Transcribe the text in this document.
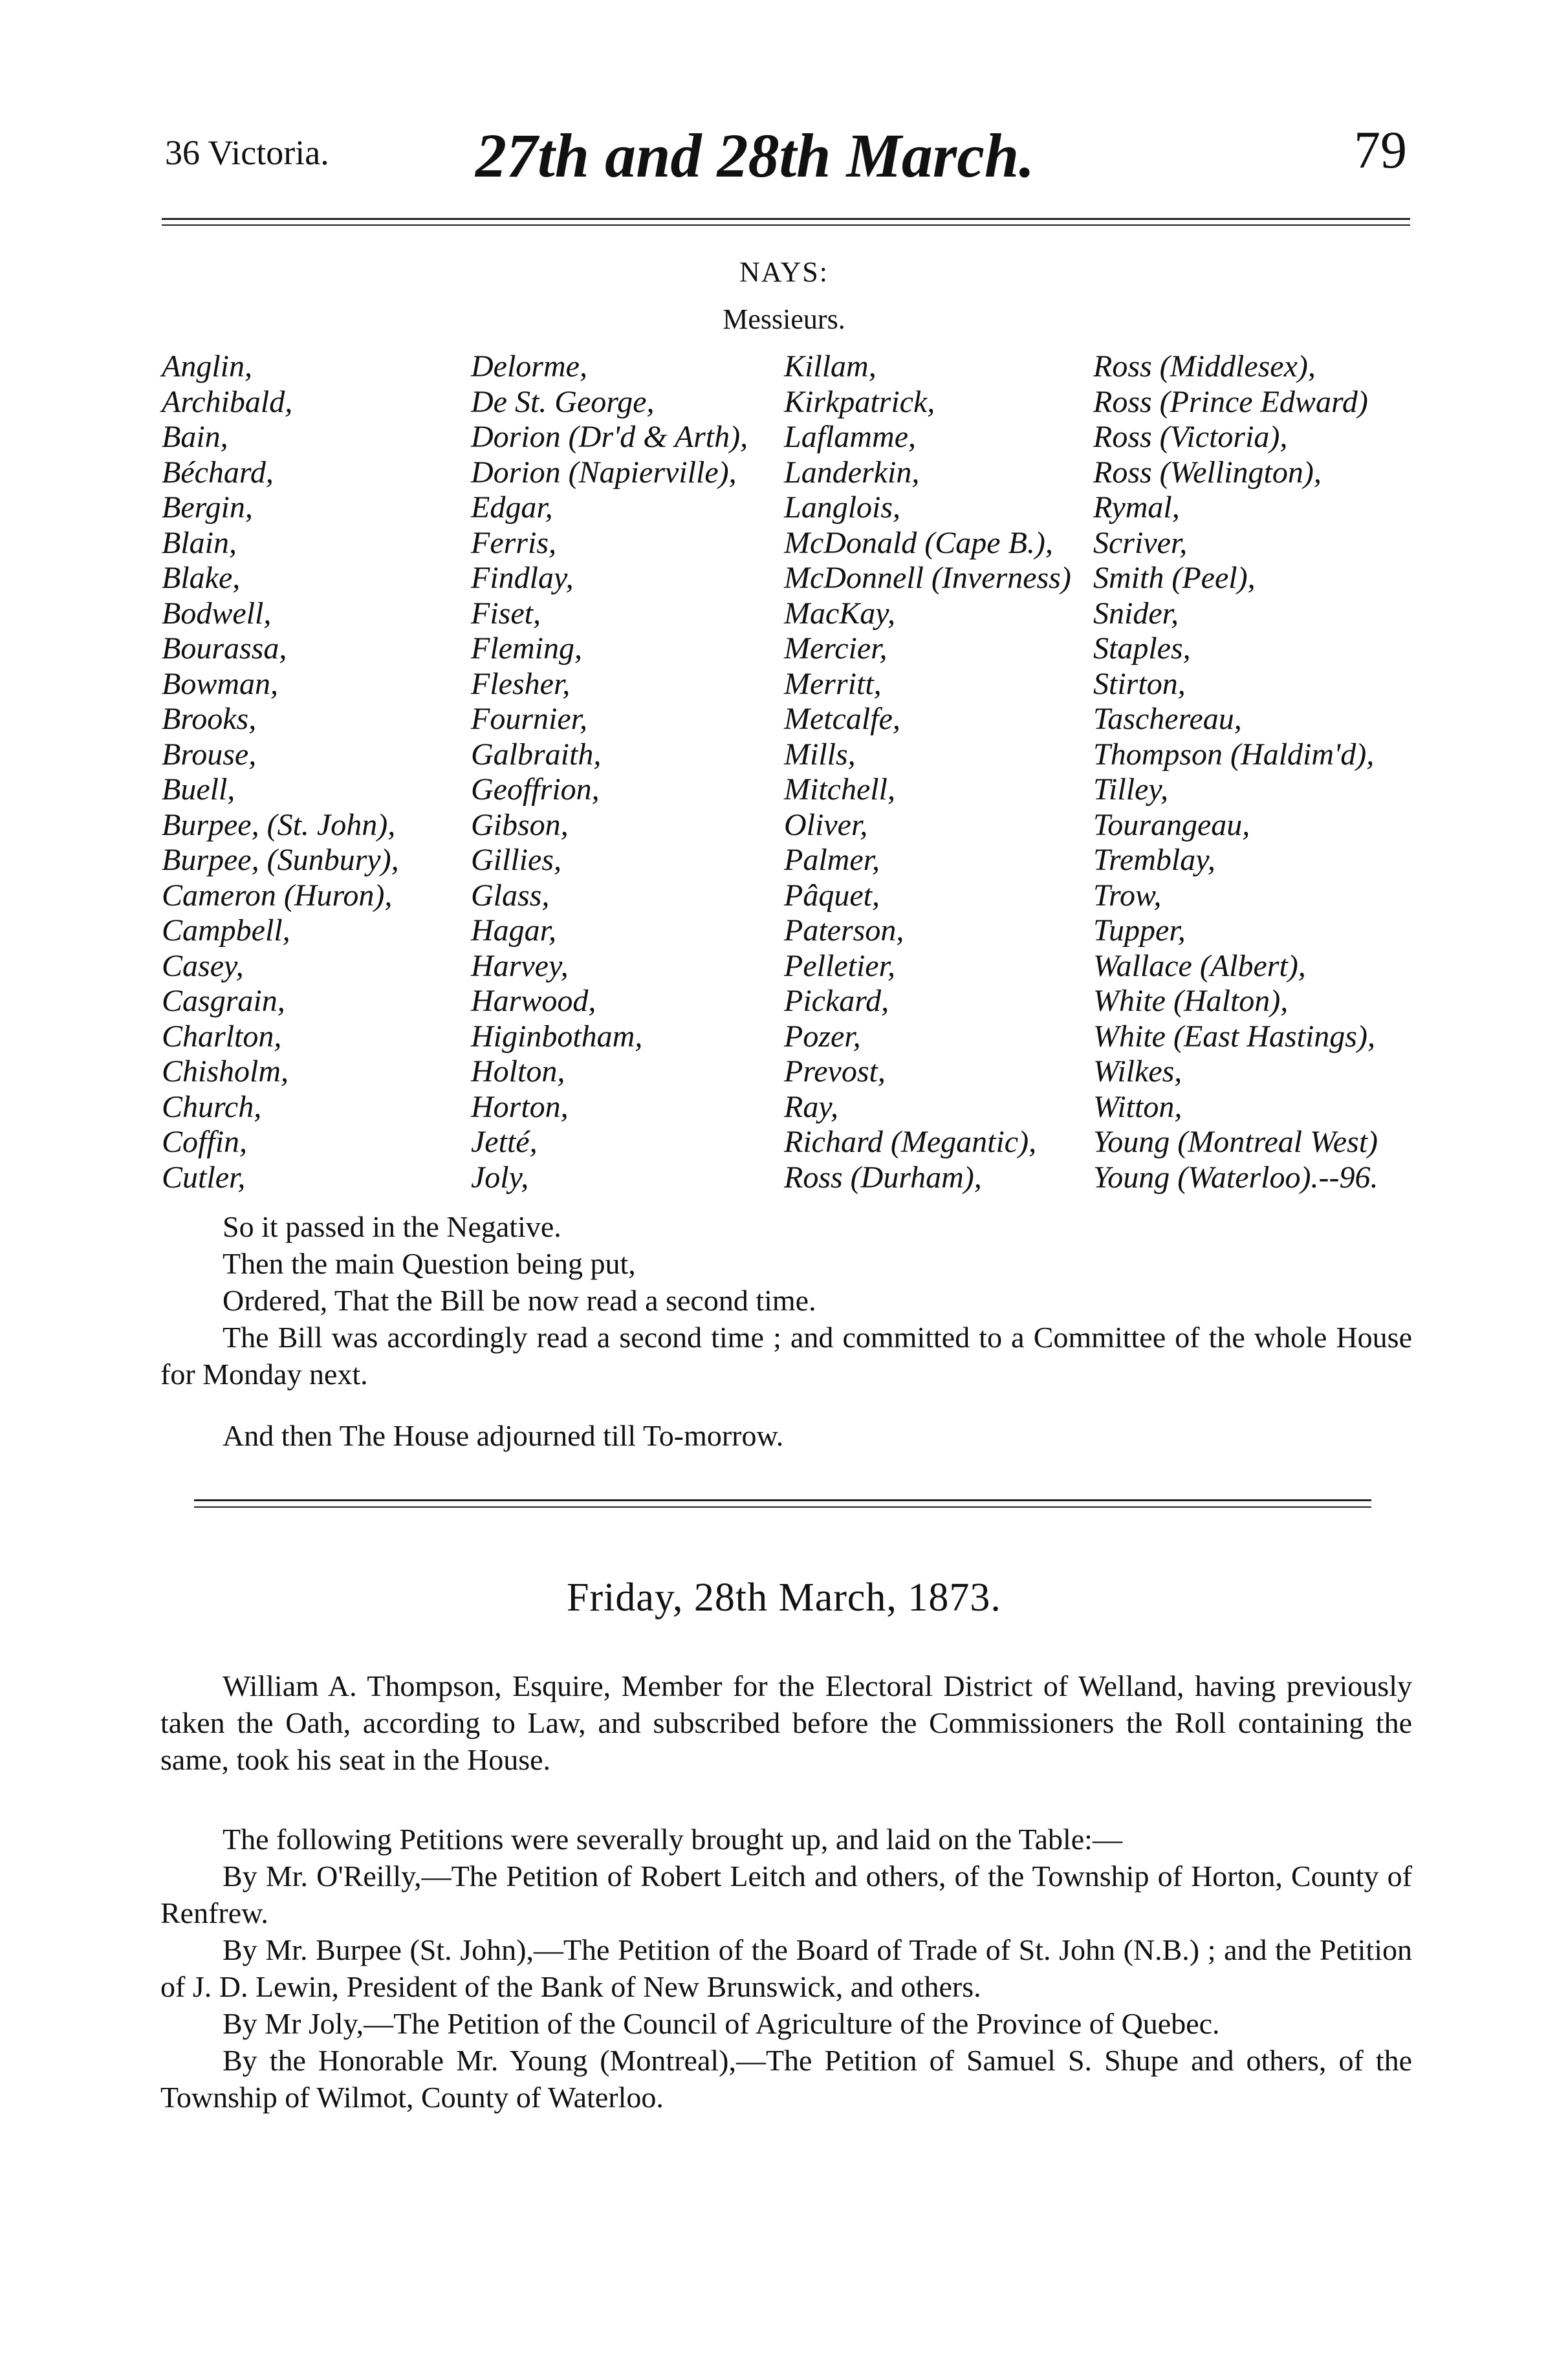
36 Victoria. 27th and 28th March.	79
NAYS:
Messieurs.
Anglin,
Archibald,
Bain,
Béchard,
Bergin,
Blain,
Blake,
Bodwell,
Bourassa,
Bowman,
Brooks,
Brouse,
Buell,
Burpee, (St. John),
Burpee, (Sunbury),
Cameron (Huron),
Campbell,
Casey,
Casgrain,
Charlton,
Chisholm,
Church,
Coffin,
Cutler,
Delorme,
De St. George,
Dorion (Dr'd & Arth),
Dorion (Napierville),
Edgar,
Ferris,
Findlay,
Fiset,
Fleming,
Flesher,
Fournier,
Galbraith,
Geoffrion,
Gibson,
Gillies,
Glass,
Hagar,
Harvey,
Harwood,
Higinbotham,
Holton,
Horton,
Jetté,
Joly,
Killam,
Kirkpatrick,
Laflamme,
Landerkin,
Langlois,
McDonald (Cape B.),
McDonnell (Inverness)
MacKay,
Mercier,
Merritt,
Metcalfe,
Mills,
Mitchell,
Oliver,
Palmer,
Pâquet,
Paterson,
Pelletier,
Pickard,
Pozer,
Prevost,
Ray,
Richard (Megantic),
Ross (Durham),
Ross (Middlesex),
Ross (Prince Edward)
Ross (Victoria),
Ross (Wellington),
Rymal,
Scriver,
Smith (Peel),
Snider,
Staples,
Stirton,
Taschereau,
Thompson (Haldim'd),
Tilley,
Tourangeau,
Tremblay,
Trow,
Tupper,
Wallace (Albert),
White (Halton),
White (East Hastings),
Wilkes,
Witton,
Young (Montreal West)
Young (Waterloo).--96.

So it passed in the Negative.

Then the main Question being put,

Ordered, That the Bill be now read a second time.

The Bill was accordingly read a second time ; and committed to a Committee of the whole House for Monday next.

And then The House adjourned till To-morrow.

Friday, 28th March, 1873.

William A. Thompson, Esquire, Member for the Electoral District of Welland, having previously taken the Oath, according to Law, and subscribed before the Commissioners the Roll containing the same, took his seat in the House.

The following Petitions were severally brought up, and laid on the Table:—

By Mr. O'Reilly,—The Petition of Robert Leitch and others, of the Township of Horton, County of Renfrew.

By Mr. Burpee (St. John),—The Petition of the Board of Trade of St. John (N.B.) ; and the Petition of J. D. Lewin, President of the Bank of New Brunswick, and others.

By Mr Joly,—The Petition of the Council of Agriculture of the Province of Quebec.

By the Honorable Mr. Young (Montreal),—The Petition of Samuel S. Shupe and others, of the Township of Wilmot, County of Waterloo.
